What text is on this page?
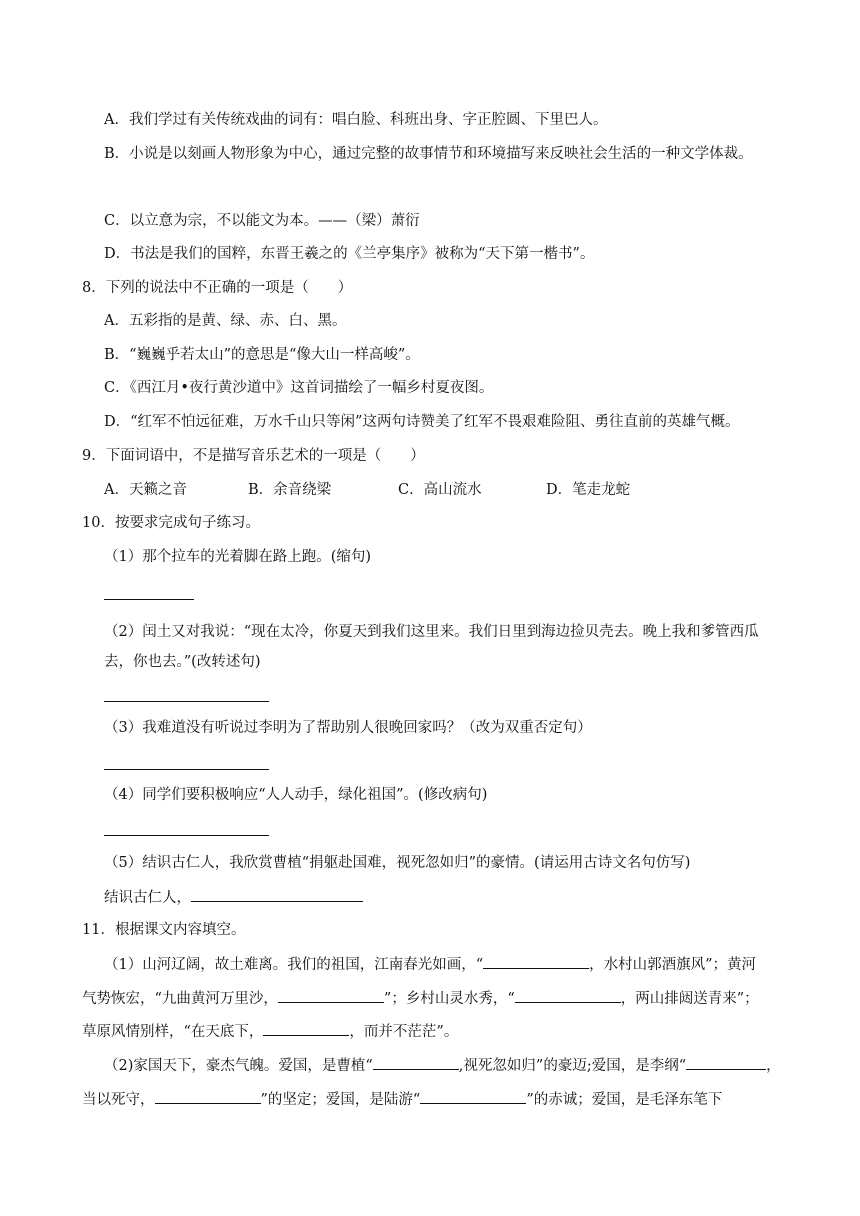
A．我们学过有关传统戏曲的词有：唱白脸、科班出身、字正腔圆、下里巴人。
B．小说是以刻画人物形象为中心，通过完整的故事情节和环境描写来反映社会生活的一种文学体裁。
C．以立意为宗，不以能文为本。——（梁）萧衍
D．书法是我们的国粹，东晋王羲之的《兰亭集序》被称为“天下第一楷书”。
8．下列的说法中不正确的一项是（　　）
A．五彩指的是黄、绿、赤、白、黑。
B．“巍巍乎若太山”的意思是“像大山一样高峻”。
C．《西江月•夜行黄沙道中》这首词描绘了一幅乡村夏夜图。
D．“红军不怕远征难，万水千山只等闲”这两句诗赞美了红军不畏艰难险阻、勇往直前的英雄气概。
9．下面词语中，不是描写音乐艺术的一项是（　　）
A．天籁之音	B．余音绕梁	C．高山流水	D．笔走龙蛇
10．按要求完成句子练习。
（1）那个拉车的光着脚在路上跑。(缩句)
（2）闰土又对我说：“现在太冷，你夏天到我们这里来。我们日里到海边捡贝壳去。晚上我和爹管西瓜
去，你也去。”(改转述句)
（3）我难道没有听说过李明为了帮助别人很晚回家吗？（改为双重否定句）
（4）同学们要积极响应“人人动手，绿化祖国”。(修改病句)
（5）结识古仁人，我欣赏曹植“捐躯赴国难，视死忽如归”的豪情。(请运用古诗文名句仿写)
结识古仁人，
11．根据课文内容填空。
（1）山河辽阔，故土难离。我们的祖国，江南春光如画，“	，水村山郭酒旗风”；黄河
气势恢宏，“九曲黄河万里沙，	”；乡村山灵水秀，“	，两山排闼送青来”；
草原风情别样，“在天底下，	，而并不茫茫”。
（2)家国天下，豪杰气魄。爱国，是曹植“	,视死忽如归”的豪迈;爱国，是李纲“	，
当以死守，	”的坚定；爱国，是陆游“	”的赤诚；爱国，是毛泽东笔下
